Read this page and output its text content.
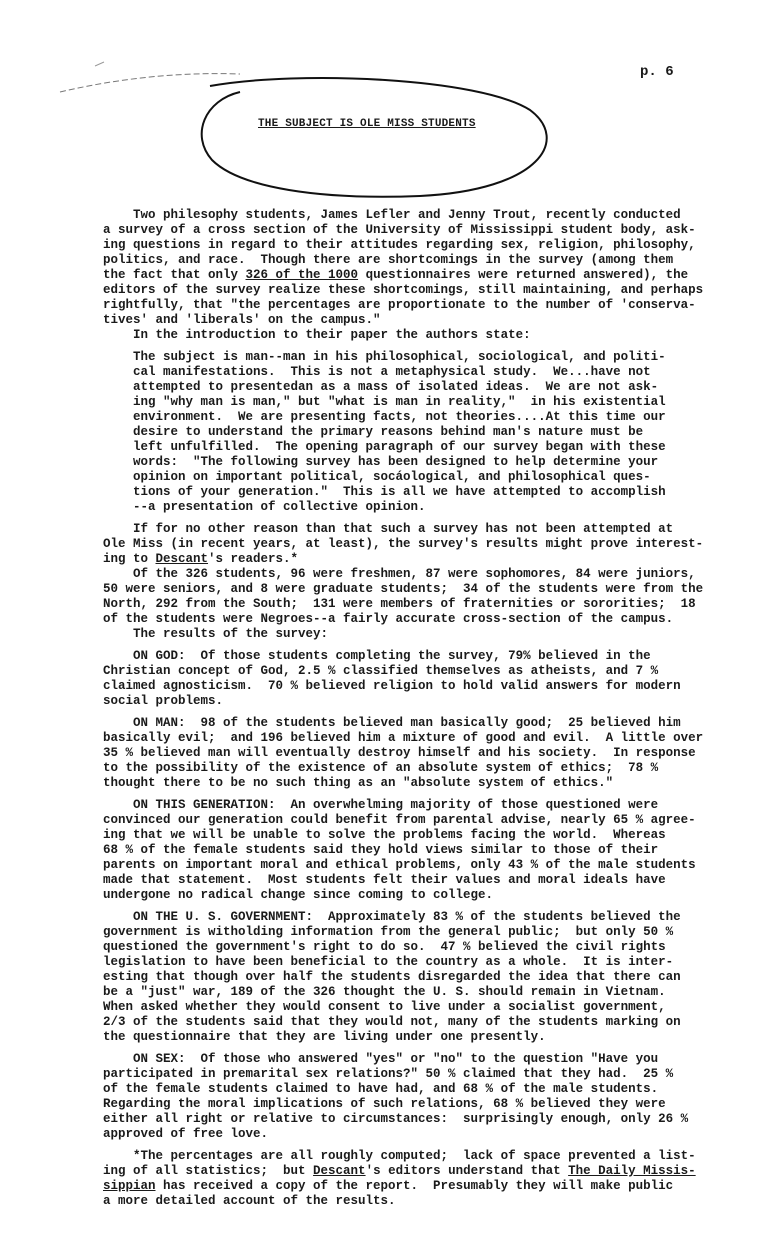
p. 6
THE SUBJECT IS OLE MISS STUDENTS
Two philesophy students, James Lefler and Jenny Trout, recently conducted
a survey of a cross section of the University of Mississippi student body, ask-
ing questions in regard to their attitudes regarding sex, religion, philosophy,
politics, and race.  Though there are shortcomings in the survey (among them
the fact that only 326 of the 1000 questionnaires were returned answered), the
editors of the survey realize these shortcomings, still maintaining, and perhaps
rightfully, that "the percentages are proportionate to the number of 'conserva-
tives' and 'liberals' on the campus."
In the introduction to their paper the authors state:
The subject is man--man in his philosophical, sociological, and politi-
cal manifestations.  This is not a metaphysical study.  We...have not
attempted to presentedan as a mass of isolated ideas.  We are not ask-
ing "why man is man," but "what is man in reality,"  in his existential
environment.  We are presenting facts, not theories....At this time our
desire to understand the primary reasons behind man's nature must be
left unfulfilled.  The opening paragraph of our survey began with these
words:  "The following survey has been designed to help determine your
opinion on important political, socáological, and philosophical ques-
tions of your generation."  This is all we have attempted to accomplish
--a presentation of collective opinion.
If for no other reason than that such a survey has not been attempted at
Ole Miss (in recent years, at least), the survey's results might prove interest-
ing to Descant's readers.*
Of the 326 students, 96 were freshmen, 87 were sophomores, 84 were juniors,
50 were seniors, and 8 were graduate students;  34 of the students were from the
North, 292 from the South;  131 were members of fraternities or sororities;  18
of the students were Negroes--a fairly accurate cross-section of the campus.
The results of the survey:
ON GOD:  Of those students completing the survey, 79% believed in the
Christian concept of God, 2.5 % classified themselves as atheists, and 7 %
claimed agnosticism.  70 % believed religion to hold valid answers for modern
social problems.
ON MAN:  98 of the students believed man basically good;  25 believed him
basically evil;  and 196 believed him a mixture of good and evil.  A little over
35 % believed man will eventually destroy himself and his society.  In response
to the possibility of the existence of an absolute system of ethics;  78 %
thought there to be no such thing as an "absolute system of ethics."
ON THIS GENERATION:  An overwhelming majority of those questioned were
convinced our generation could benefit from parental advise, nearly 65 % agree-
ing that we will be unable to solve the problems facing the world.  Whereas
68 % of the female students said they hold views similar to those of their
parents on important moral and ethical problems, only 43 % of the male students
made that statement.  Most students felt their values and moral ideals have
undergone no radical change since coming to college.
ON THE U. S. GOVERNMENT:  Approximately 83 % of the students believed the
government is witholding information from the general public;  but only 50 %
questioned the government's right to do so.  47 % believed the civil rights
legislation to have been beneficial to the country as a whole.  It is inter-
esting that though over half the students disregarded the idea that there can
be a "just" war, 189 of the 326 thought the U. S. should remain in Vietnam.
When asked whether they would consent to live under a socialist government,
2/3 of the students said that they would not, many of the students marking on
the questionnaire that they are living under one presently.
ON SEX:  Of those who answered "yes" or "no" to the question "Have you
participated in premarital sex relations?" 50 % claimed that they had.  25 %
of the female students claimed to have had, and 68 % of the male students.
Regarding the moral implications of such relations, 68 % believed they were
either all right or relative to circumstances:  surprisingly enough, only 26 %
approved of free love.
*The percentages are all roughly computed;  lack of space prevented a list-
ing of all statistics;  but Descant's editors understand that The Daily Missis-
sippian has received a copy of the report.  Presumably they will make public
a more detailed account of the results.
